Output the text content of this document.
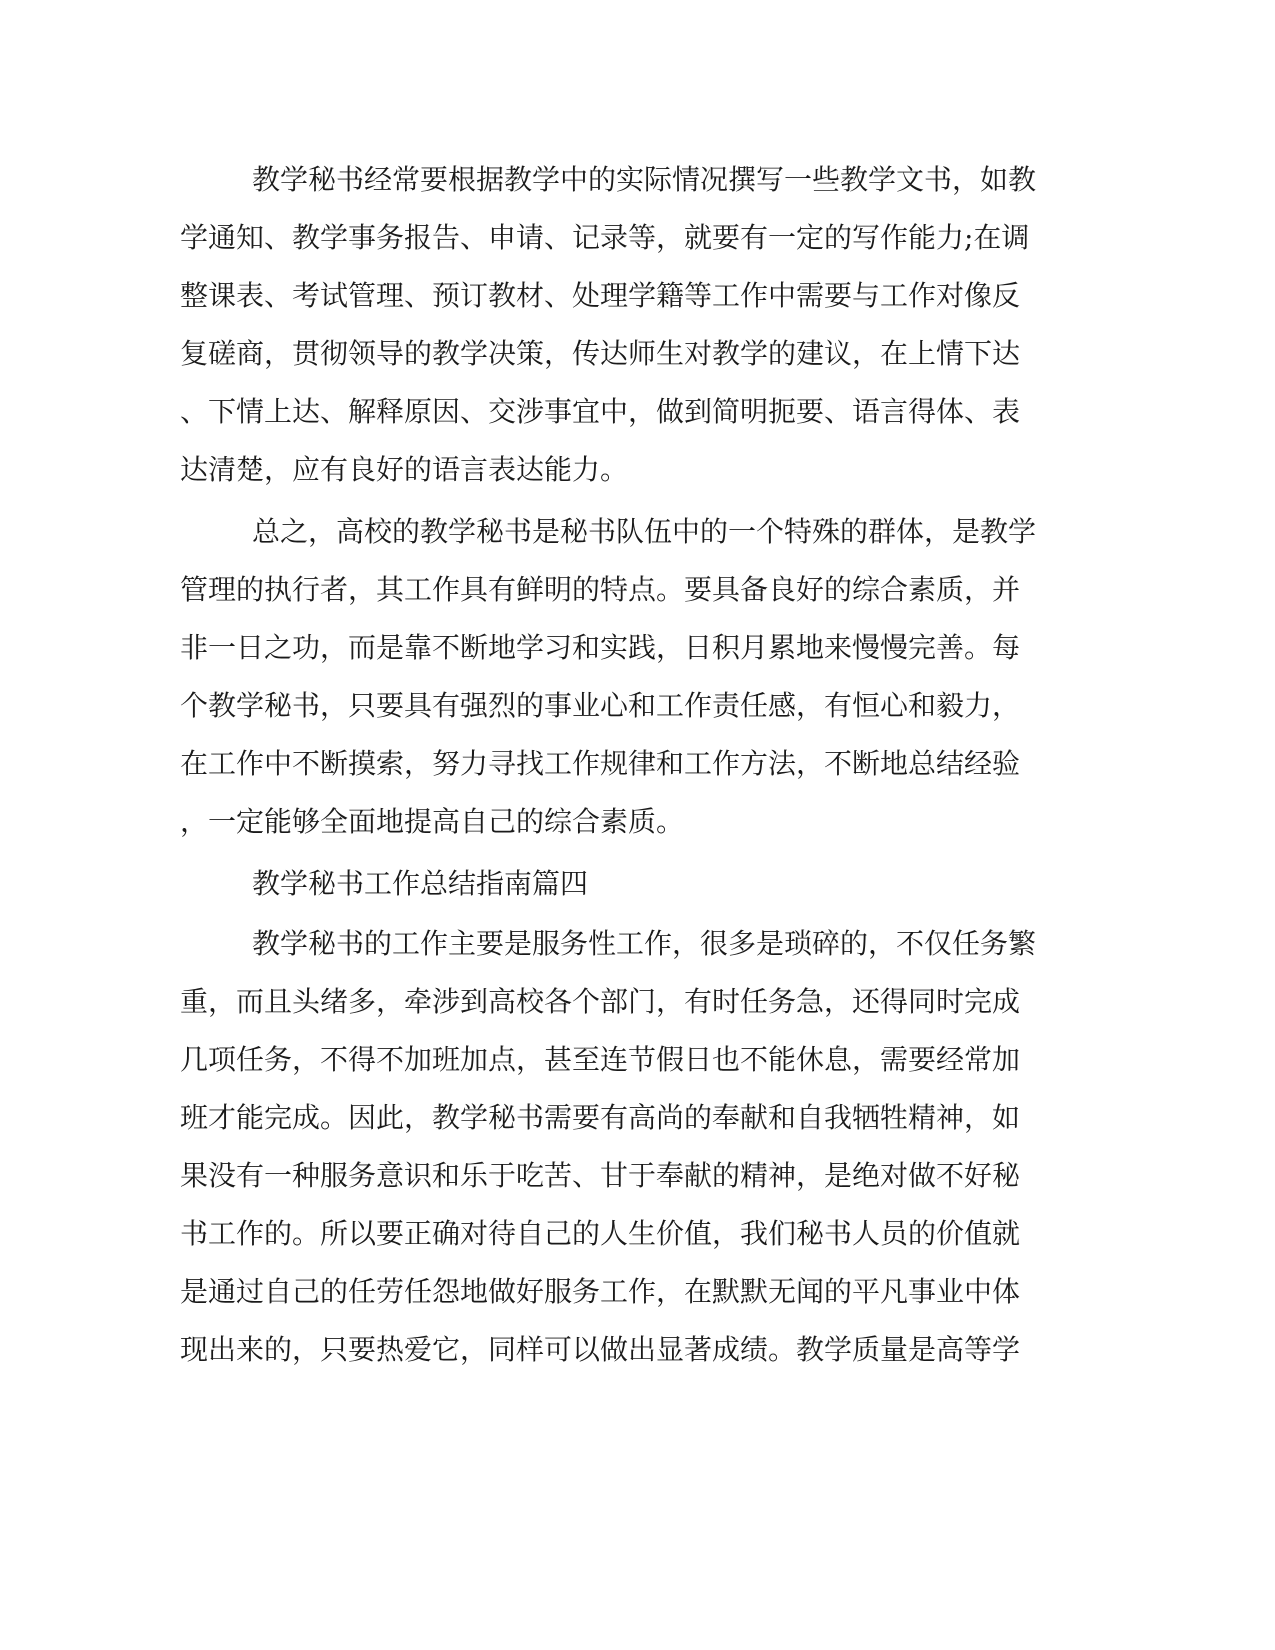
教学秘书经常要根据教学中的实际情况撰写一些教学文书，如教
学通知、教学事务报告、申请、记录等，就要有一定的写作能力;在调
整课表、考试管理、预订教材、处理学籍等工作中需要与工作对像反
复磋商，贯彻领导的教学决策，传达师生对教学的建议，在上情下达
、下情上达、解释原因、交涉事宜中，做到简明扼要、语言得体、表
达清楚，应有良好的语言表达能力。
总之，高校的教学秘书是秘书队伍中的一个特殊的群体，是教学
管理的执行者，其工作具有鲜明的特点。要具备良好的综合素质，并
非一日之功，而是靠不断地学习和实践，日积月累地来慢慢完善。每
个教学秘书，只要具有强烈的事业心和工作责任感，有恒心和毅力，
在工作中不断摸索，努力寻找工作规律和工作方法，不断地总结经验
，一定能够全面地提高自己的综合素质。
教学秘书工作总结指南篇四
教学秘书的工作主要是服务性工作，很多是琐碎的，不仅任务繁
重，而且头绪多，牵涉到高校各个部门，有时任务急，还得同时完成
几项任务，不得不加班加点，甚至连节假日也不能休息，需要经常加
班才能完成。因此，教学秘书需要有高尚的奉献和自我牺牲精神，如
果没有一种服务意识和乐于吃苦、甘于奉献的精神，是绝对做不好秘
书工作的。所以要正确对待自己的人生价值，我们秘书人员的价值就
是通过自己的任劳任怨地做好服务工作，在默默无闻的平凡事业中体
现出来的，只要热爱它，同样可以做出显著成绩。教学质量是高等学
